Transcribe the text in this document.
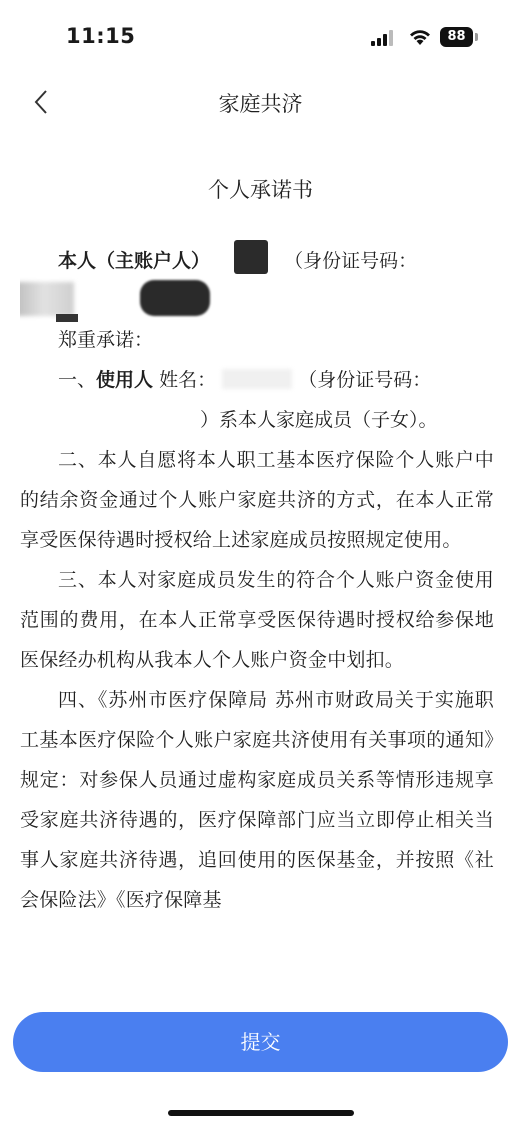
11:15	88
家庭共济
个人承诺书
本人（主账户人）	（身份证号码：
郑重承诺：
一、使用人 姓名：	（身份证号码：
）系本人家庭成员（子女）。
二、本人自愿将本人职工基本医疗保险个人账户中的结余资金通过个人账户家庭共济的方式，在本人正常享受医保待遇时授权给上述家庭成员按照规定使用。
三、本人对家庭成员发生的符合个人账户资金使用范围的费用，在本人正常享受医保待遇时授权给参保地医保经办机构从我本人个人账户资金中划扣。
四、《苏州市医疗保障局 苏州市财政局关于实施职工基本医疗保险个人账户家庭共济使用有关事项的通知》规定：对参保人员通过虚构家庭成员关系等情形违规享受家庭共济待遇的，医疗保障部门应当立即停止相关当事人家庭共济待遇，追回使用的医保基金，并按照《社会保险法》《医疗保障基
提交
